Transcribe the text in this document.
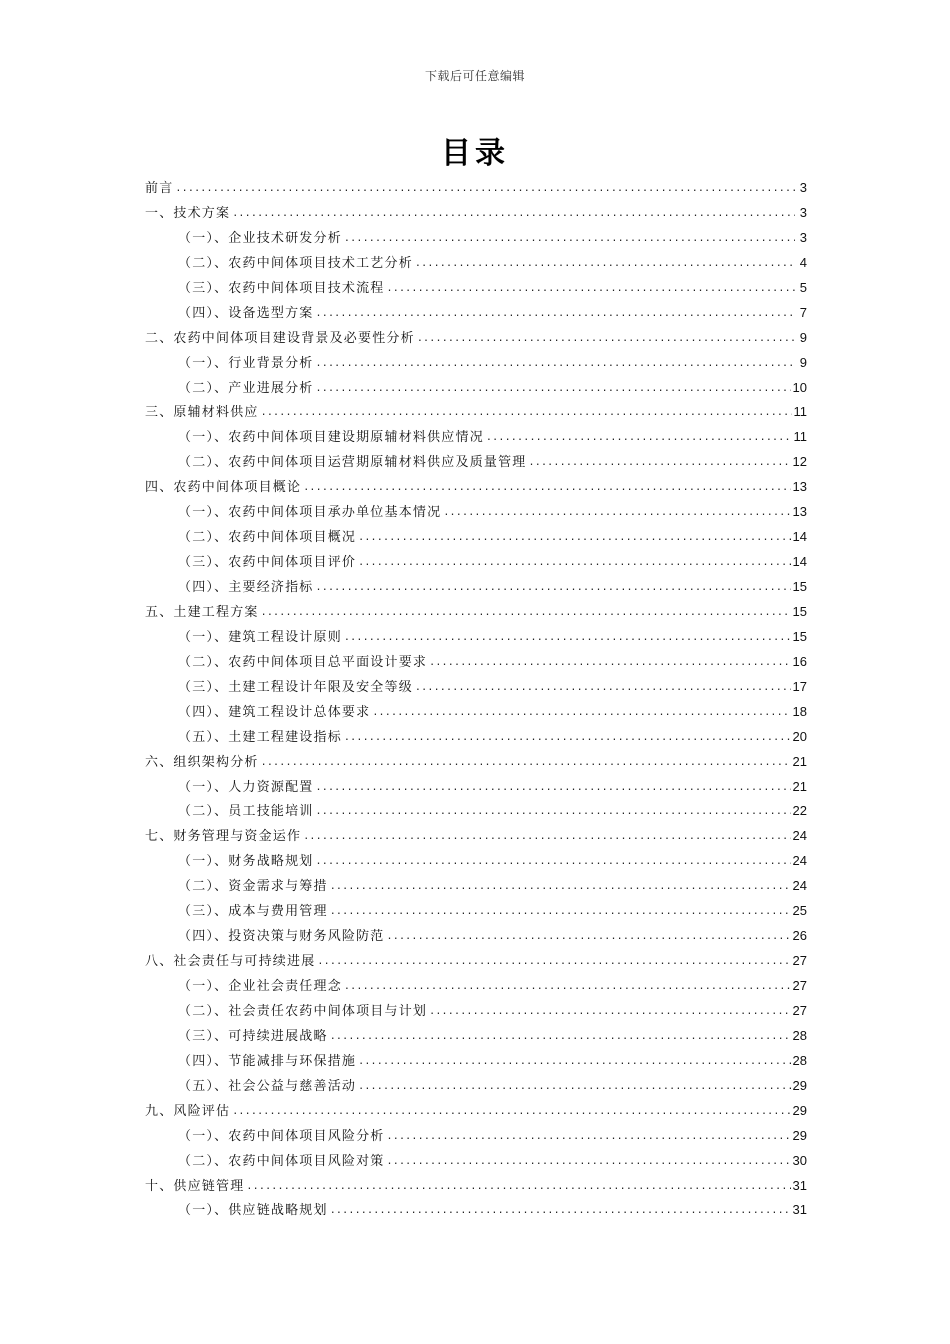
下载后可任意编辑
目录
前言 .....	3
一、技术方案 .....	3
（一）、企业技术研发分析 .....	3
（二）、农药中间体项目技术工艺分析 .....	4
（三）、农药中间体项目技术流程 .....	5
（四）、设备选型方案 .....	7
二、农药中间体项目建设背景及必要性分析 .....	9
（一）、行业背景分析 .....	9
（二）、产业进展分析 .....	10
三、原辅材料供应 .....	11
（一）、农药中间体项目建设期原辅材料供应情况 .....	11
（二）、农药中间体项目运营期原辅材料供应及质量管理 .....	12
四、农药中间体项目概论 .....	13
（一）、农药中间体项目承办单位基本情况 .....	13
（二）、农药中间体项目概况 .....	14
（三）、农药中间体项目评价 .....	14
（四）、主要经济指标 .....	15
五、土建工程方案 .....	15
（一）、建筑工程设计原则 .....	15
（二）、农药中间体项目总平面设计要求 .....	16
（三）、土建工程设计年限及安全等级 .....	17
（四）、建筑工程设计总体要求 .....	18
（五）、土建工程建设指标 .....	20
六、组织架构分析 .....	21
（一）、人力资源配置 .....	21
（二）、员工技能培训 .....	22
七、财务管理与资金运作 .....	24
（一）、财务战略规划 .....	24
（二）、资金需求与筹措 .....	24
（三）、成本与费用管理 .....	25
（四）、投资决策与财务风险防范 .....	26
八、社会责任与可持续进展 .....	27
（一）、企业社会责任理念 .....	27
（二）、社会责任农药中间体项目与计划 .....	27
（三）、可持续进展战略 .....	28
（四）、节能减排与环保措施 .....	28
（五）、社会公益与慈善活动 .....	29
九、风险评估 .....	29
（一）、农药中间体项目风险分析 .....	29
（二）、农药中间体项目风险对策 .....	30
十、供应链管理 .....	31
（一）、供应链战略规划 .....	31
